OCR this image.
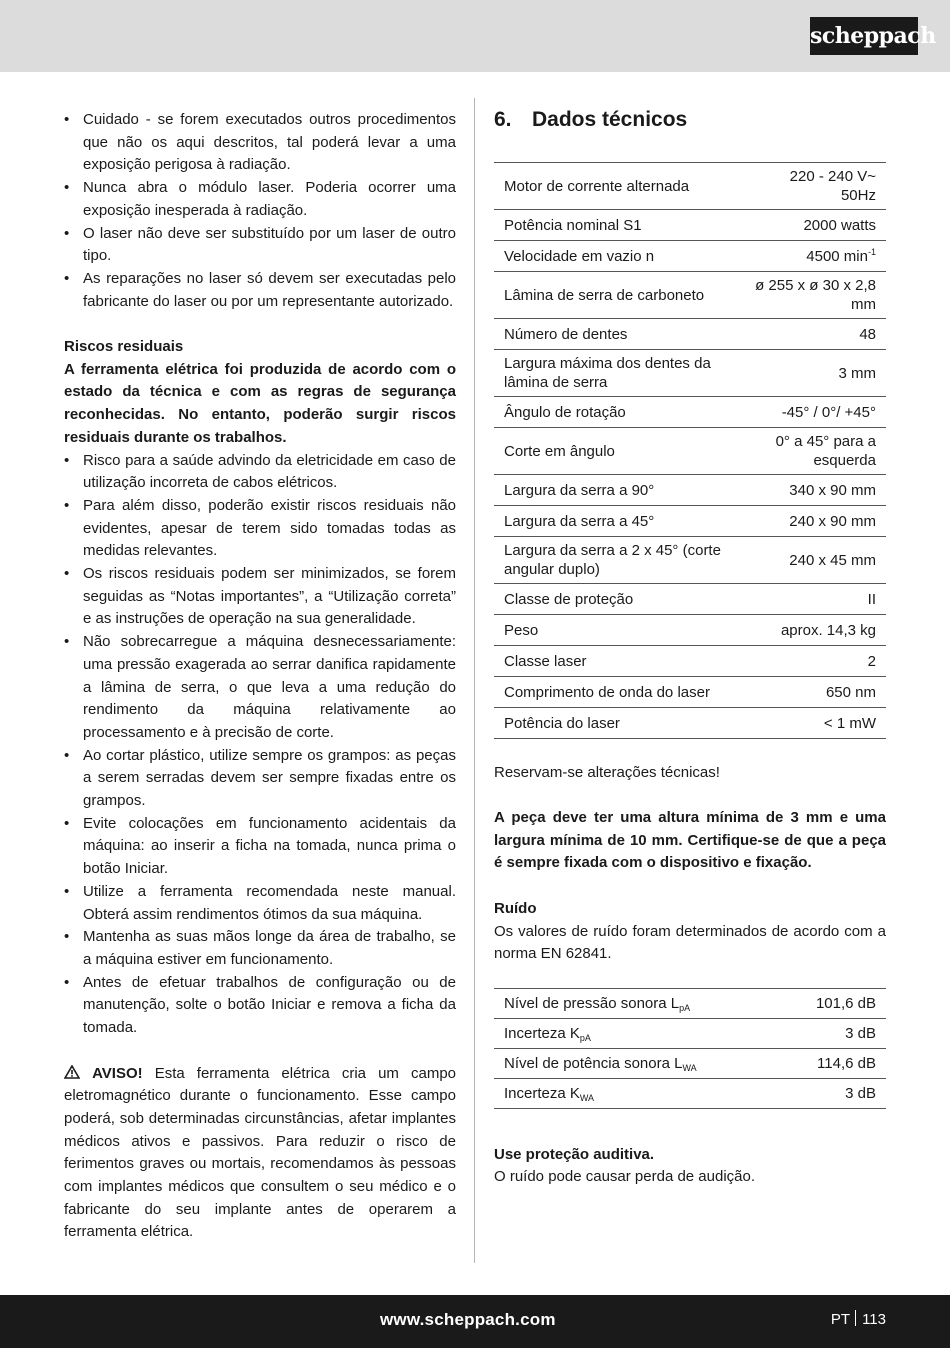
scheppach
• Cuidado - se forem executados outros procedimentos que não os aqui descritos, tal poderá levar a uma exposição perigosa à radiação.
• Nunca abra o módulo laser. Poderia ocorrer uma exposição inesperada à radiação.
• O laser não deve ser substituído por um laser de outro tipo.
• As reparações no laser só devem ser executadas pelo fabricante do laser ou por um representante autorizado.

Riscos residuais

A ferramenta elétrica foi produzida de acordo com o estado da técnica e com as regras de segurança reconhecidas. No entanto, poderão surgir riscos residuais durante os trabalhos.

• Risco para a saúde advindo da eletricidade em caso de utilização incorreta de cabos elétricos.
• Para além disso, poderão existir riscos residuais não evidentes, apesar de terem sido tomadas todas as medidas relevantes.
• Os riscos residuais podem ser minimizados, se forem seguidas as “Notas importantes”, a “Utilização correta” e as instruções de operação na sua generalidade.
• Não sobrecarregue a máquina desnecessariamente: uma pressão exagerada ao serrar danifica rapidamente a lâmina de serra, o que leva a uma redução do rendimento da máquina relativamente ao processamento e à precisão de corte.
• Ao cortar plástico, utilize sempre os grampos: as peças a serem serradas devem ser sempre fixadas entre os grampos.
• Evite colocações em funcionamento acidentais da máquina: ao inserir a ficha na tomada, nunca prima o botão Iniciar.
• Utilize a ferramenta recomendada neste manual. Obterá assim rendimentos ótimos da sua máquina.
• Mantenha as suas mãos longe da área de trabalho, se a máquina estiver em funcionamento.
• Antes de efetuar trabalhos de configuração ou de manutenção, solte o botão Iniciar e remova a ficha da tomada.

AVISO! Esta ferramenta elétrica cria um campo eletromagnético durante o funcionamento. Esse campo poderá, sob determinadas circunstâncias, afetar implantes médicos ativos e passivos. Para reduzir o risco de ferimentos graves ou mortais, recomendamos às pessoas com implantes médicos que consultem o seu médico e o fabricante do seu implante antes de operarem a ferramenta elétrica.

6. Dados técnicos
Motor de corrente alternada	220 - 240 V~ 50Hz
Potência nominal S1	2000 watts
Velocidade em vazio n	4500 $\min^{-1}$
Lâmina de serra de carboneto	ø 255 x ø 30 x 2,8 mm
Número de dentes	48
Largura máxima dos dentes da lâmina de serra	3 mm
Ângulo de rotação	-45° / 0°/ +45°
Corte em ângulo	0° a 45° para a esquerda
Largura da serra a 90°	340 x 90 mm
Largura da serra a 45°	240 x 90 mm
Largura da serra a 2 x 45° (corte angular duplo)	240 x 45 mm
Classe de proteção	II
Peso	aprox. 14,3 kg
Classe laser	2
Comprimento de onda do laser	650 nm
Potência do laser	< 1 mW

Reservam-se alterações técnicas!

A peça deve ter uma altura mínima de 3 mm e uma largura mínima de 10 mm. Certifique-se de que a peça é sempre fixada com o dispositivo e fixação.

Ruído

Os valores de ruído foram determinados de acordo com a norma EN 62841.

Nível de pressão sonora $L_{pA}$	101,6 dB
Incerteza $K_{pA}$	3 dB
Nível de potência sonora $L_{WA}$	114,6 dB
Incerteza $K_{WA}$	3 dB

Use proteção auditiva.

O ruído pode causar perda de audição.

www.scheppach.com	PT 113
